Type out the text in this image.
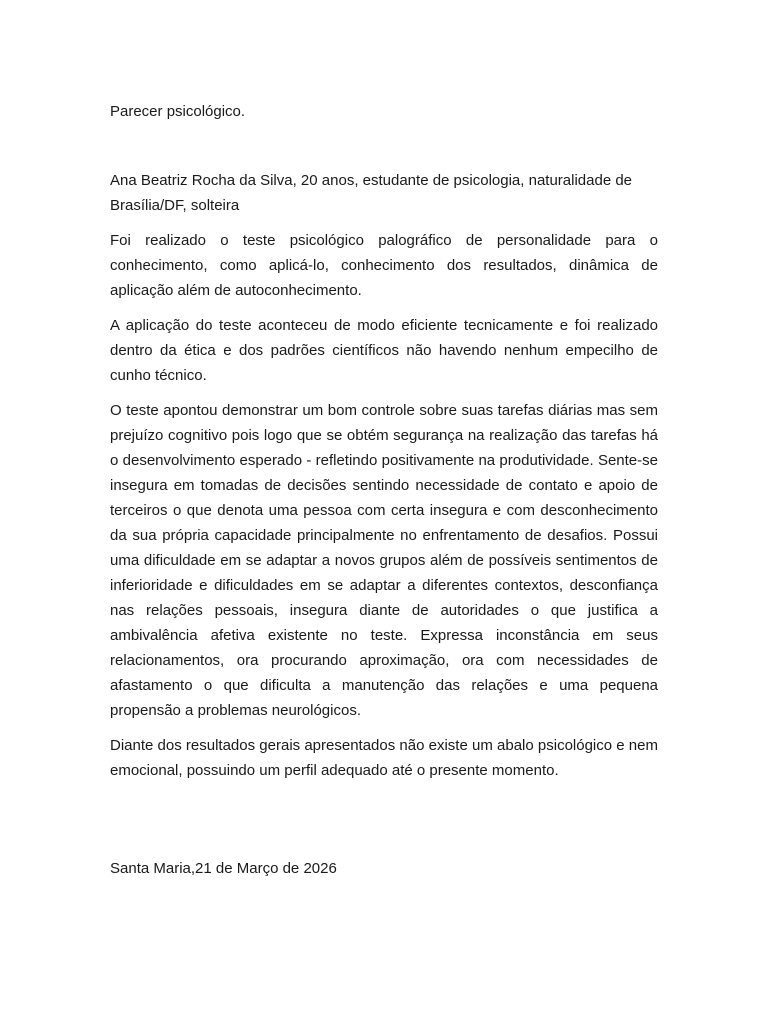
Parecer psicológico.

Ana Beatriz Rocha da Silva, 20 anos, estudante de psicologia, naturalidade de Brasília/DF, solteira

Foi realizado o teste psicológico palográfico de personalidade para o conhecimento, como aplicá-lo, conhecimento dos resultados, dinâmica de aplicação além de autoconhecimento.

A aplicação do teste aconteceu de modo eficiente tecnicamente e foi realizado dentro da ética e dos padrões científicos não havendo nenhum empecilho de cunho técnico.

O teste apontou demonstrar um bom controle sobre suas tarefas diárias mas sem prejuízo cognitivo pois logo que se obtém segurança na realização das tarefas há o desenvolvimento esperado - refletindo positivamente na produtividade. Sente-se insegura em tomadas de decisões sentindo necessidade de contato e apoio de terceiros o que denota uma pessoa com certa insegura e com desconhecimento da sua própria capacidade principalmente no enfrentamento de desafios. Possui uma dificuldade em se adaptar a novos grupos além de possíveis sentimentos de inferioridade e dificuldades em se adaptar a diferentes contextos, desconfiança nas relações pessoais, insegura diante de autoridades o que justifica a ambivalência afetiva existente no teste. Expressa inconstância em seus relacionamentos, ora procurando aproximação, ora com necessidades de afastamento o que dificulta a manutenção das relações e uma pequena propensão a problemas neurológicos.

Diante dos resultados gerais apresentados não existe um abalo psicológico e nem emocional, possuindo um perfil adequado até o presente momento.

Santa Maria,21 de Março de 2026
